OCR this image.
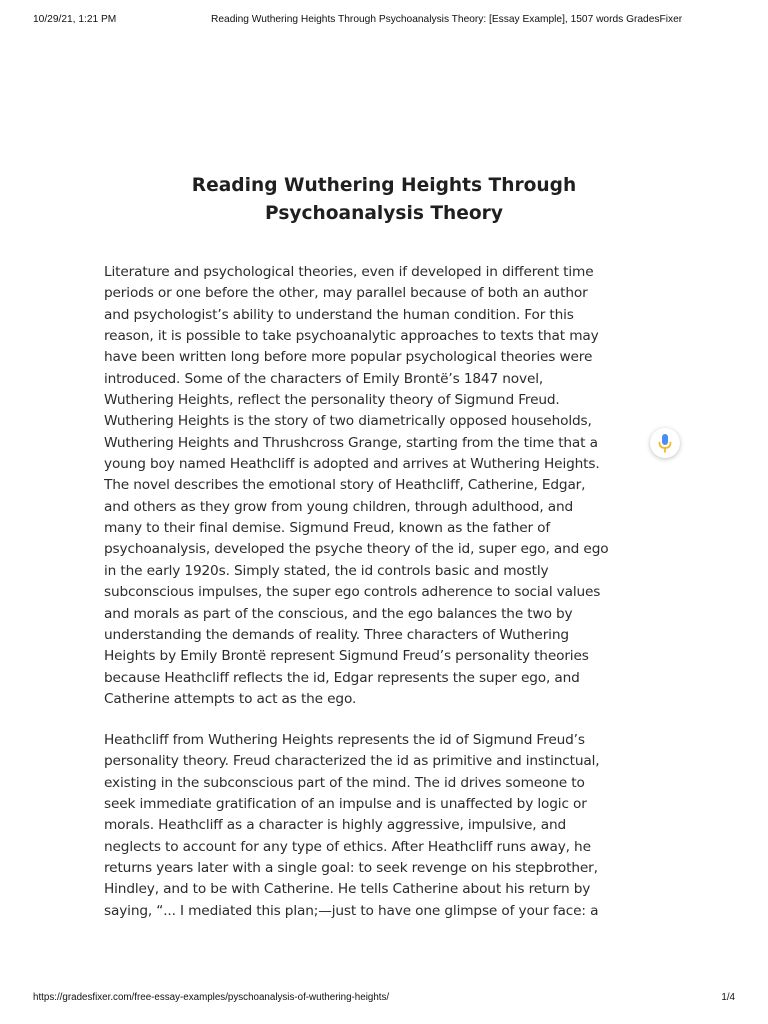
10/29/21, 1:21 PM	Reading Wuthering Heights Through Psychoanalysis Theory: [Essay Example], 1507 words GradesFixer
Reading Wuthering Heights Through
Psychoanalysis Theory
Literature and psychological theories, even if developed in different time
periods or one before the other, may parallel because of both an author
and psychologist’s ability to understand the human condition. For this
reason, it is possible to take psychoanalytic approaches to texts that may
have been written long before more popular psychological theories were
introduced. Some of the characters of Emily Brontë’s 1847 novel,
Wuthering Heights, reflect the personality theory of Sigmund Freud.
Wuthering Heights is the story of two diametrically opposed households,
Wuthering Heights and Thrushcross Grange, starting from the time that a
young boy named Heathcliff is adopted and arrives at Wuthering Heights.
The novel describes the emotional story of Heathcliff, Catherine, Edgar,
and others as they grow from young children, through adulthood, and
many to their final demise. Sigmund Freud, known as the father of
psychoanalysis, developed the psyche theory of the id, super ego, and ego
in the early 1920s. Simply stated, the id controls basic and mostly
subconscious impulses, the super ego controls adherence to social values
and morals as part of the conscious, and the ego balances the two by
understanding the demands of reality. Three characters of Wuthering
Heights by Emily Brontë represent Sigmund Freud’s personality theories
because Heathcliff reflects the id, Edgar represents the super ego, and
Catherine attempts to act as the ego.
Heathcliff from Wuthering Heights represents the id of Sigmund Freud’s
personality theory. Freud characterized the id as primitive and instinctual,
existing in the subconscious part of the mind. The id drives someone to
seek immediate gratification of an impulse and is unaffected by logic or
morals. Heathcliff as a character is highly aggressive, impulsive, and
neglects to account for any type of ethics. After Heathcliff runs away, he
returns years later with a single goal: to seek revenge on his stepbrother,
Hindley, and to be with Catherine. He tells Catherine about his return by
saying, “... I mediated this plan;—just to have one glimpse of your face: a
https://gradesfixer.com/free-essay-examples/pyschoanalysis-of-wuthering-heights/	1/4
